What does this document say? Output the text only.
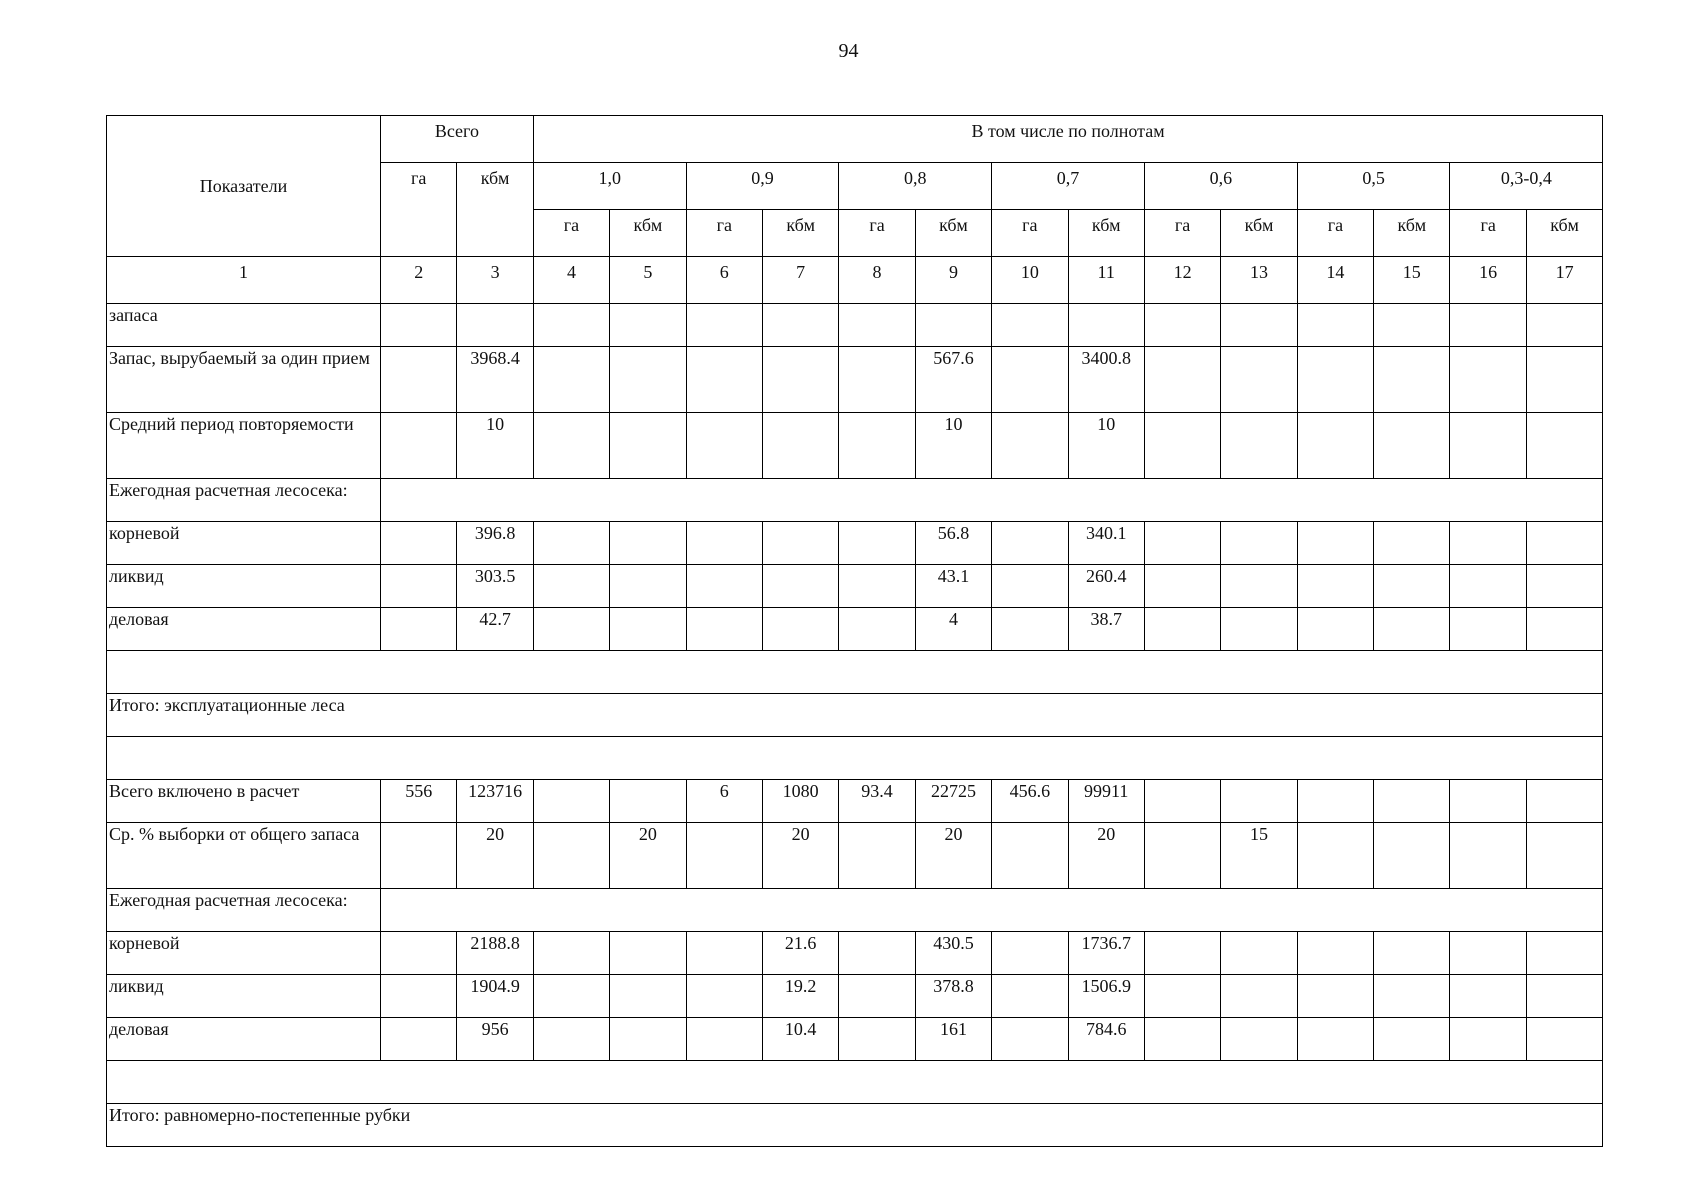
94
Показатели	Всего		В том числе по полнотам													
	га	кбм	1,0		0,9		0,8		0,7		0,6		0,5		0,3-0,4	
			га	кбм	га	кбм	га	кбм	га	кбм	га	кбм	га	кбм	га	кбм
1	2	3	4	5	6	7	8	9	10	11	12	13	14	15	16	17
запаса																
Запас, вырубаемый за один прием		3968.4						567.6		3400.8						
Средний период повторяемости		10						10		10						
Ежегодная расчетная лесосека:																
корневой		396.8						56.8		340.1						
ликвид		303.5						43.1		260.4						
деловая		42.7						4		38.7						

Итого: эксплуатационные леса																

Всего включено в расчет	556	123716			6	1080	93.4	22725	456.6	99911						
Ср. % выборки от общего запаса		20		20		20		20		20		15				
Ежегодная расчетная лесосека:																
корневой		2188.8				21.6		430.5		1736.7						
ликвид		1904.9				19.2		378.8		1506.9						
деловая		956				10.4		161		784.6						

Итого: равномерно-постепенные рубки																
